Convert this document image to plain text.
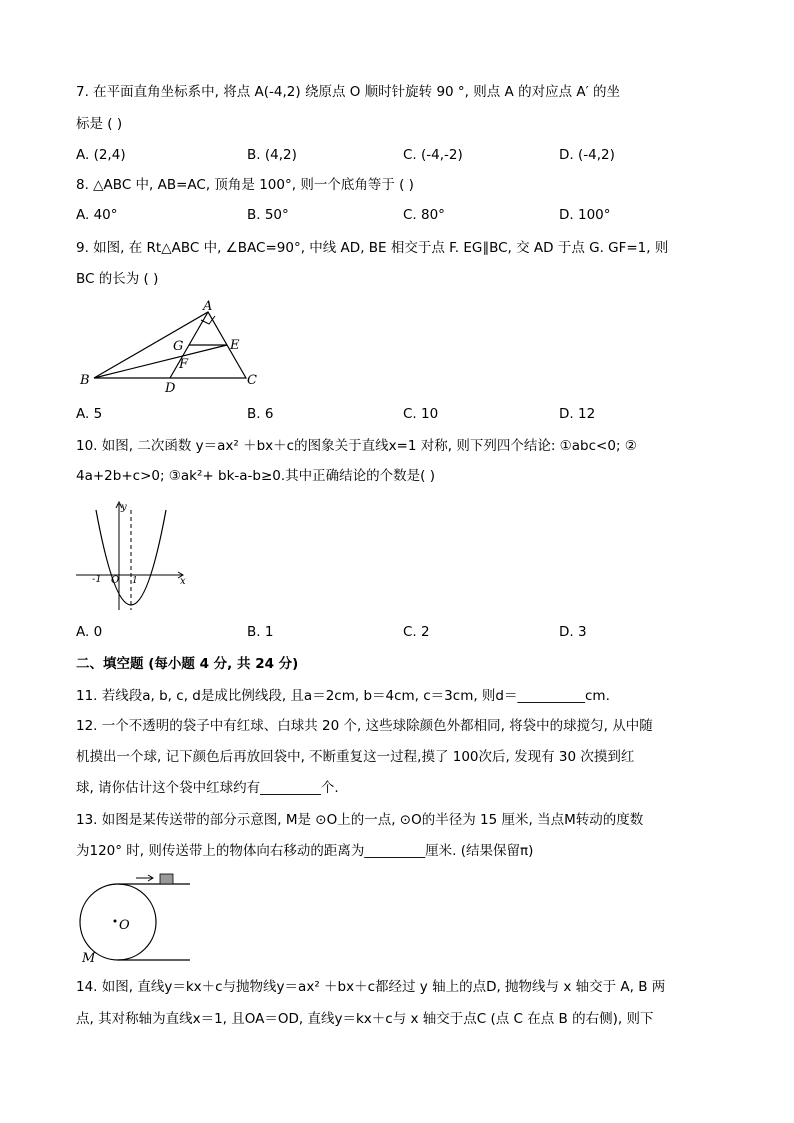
7. 在平面直角坐标系中, 将点 A(-4,2) 绕原点 O 顺时针旋转 90 °, 则点 A 的对应点 A′ 的坐
标是 ( )
A. (2,4)	B. (4,2)	C. (-4,-2)	D. (-4,2)
8. △ABC 中, AB=AC, 顶角是 100°, 则一个底角等于 ( )
A. 40°	B. 50°	C. 80°	D. 100°
9. 如图, 在 Rt△ABC 中, ∠BAC=90°, 中线 AD, BE 相交于点 F. EG∥BC, 交 AD 于点 G. GF=1, 则
BC 的长为 ( )
A
B	C
D
E
F
G
A. 5	B. 6	C. 10	D. 12
10. 如图, 二次函数 y＝ax² ＋bx＋c的图象关于直线x=1 对称, 则下列四个结论: ①abc<0; ②
4a+2b+c>0; ③ak²+ bk-a-b≥0.其中正确结论的个数是( )
y
x
-1 O 1
A. 0	B. 1	C. 2	D. 3
二、填空题 (每小题 4 分, 共 24 分)
11. 若线段a, b, c, d是成比例线段, 且a＝2cm, b＝4cm, c＝3cm, 则d＝__________cm.
12. 一个不透明的袋子中有红球、白球共 20 个, 这些球除颜色外都相同, 将袋中的球搅匀, 从中随
机摸出一个球, 记下颜色后再放回袋中, 不断重复这一过程,摸了 100次后, 发现有 30 次摸到红
球, 请你估计这个袋中红球约有_________个.
13. 如图是某传送带的部分示意图, M是 ⊙O上的一点, ⊙O的半径为 15 厘米, 当点M转动的度数
为120° 时, 则传送带上的物体向右移动的距离为_________厘米. (结果保留π)
O
M
14. 如图, 直线y＝kx＋c与抛物线y＝ax² ＋bx＋c都经过 y 轴上的点D, 抛物线与 x 轴交于 A, B 两
点, 其对称轴为直线x＝1, 且OA＝OD, 直线y＝kx＋c与 x 轴交于点C (点 C 在点 B 的右侧), 则下
